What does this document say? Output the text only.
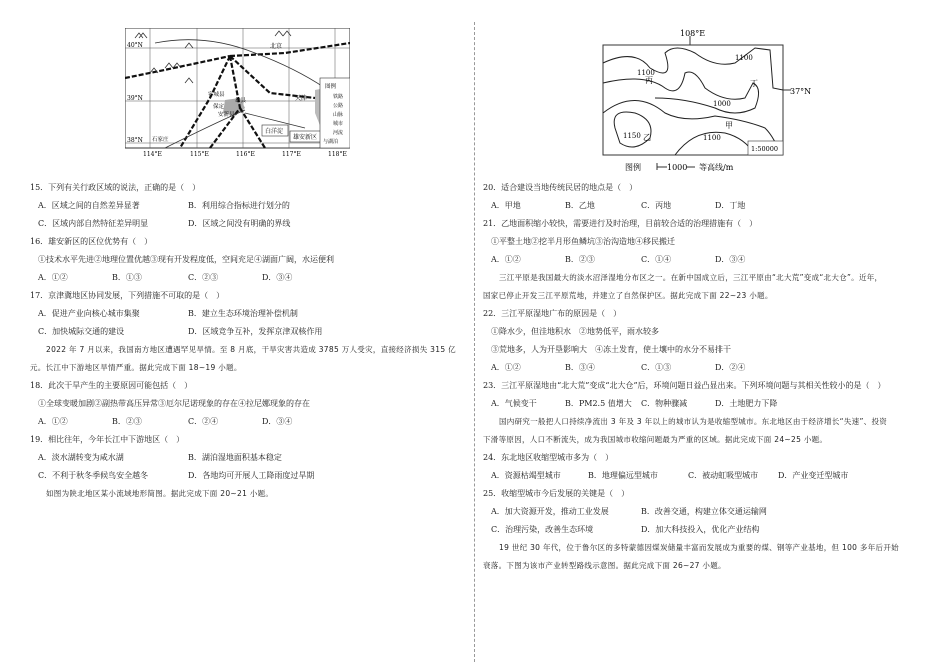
40°N
39°N
38°N
114°E	115°E	116°E	117°E	118°E
北京
天津
容城县
雄县
保定
安新县
石家庄
白洋淀
雄安新区
图例
铁路
公路
山脉
城市
河流
与湖泊
108°E
37°N
1100
1100
1000
1150	1100
甲
乙
丙	丁
1:50000
图例	1000 等高线/m
15．下列有关行政区域的说法，正确的是（　）
A．区域之间的自然差异显著	B．利用综合指标进行划分的
C．区域内部自然特征差异明显	D．区域之间没有明确的界线
16．雄安新区的区位优势有（　）
①技术水平先进②地理位置优越③现有开发程度低，空间充足④湖面广阔，水运便利
A．①②	B．①③	C．②③	D．③④
17．京津冀地区协同发展，下列措施不可取的是（　）
A．促进产业向核心城市集聚	B．建立生态环境治理补偿机制
C．加快城际交通的建设	D．区域竞争互补，发挥京津双核作用
2022 年 7 月以来，我国南方地区遭遇罕见旱情。至 8 月底，干旱灾害共造成 3785 万人受灾，直接经济损失 315 亿
元。长江中下游地区旱情严重。据此完成下面 18~19 小题。
18．此次干旱产生的主要原因可能包括（　）
①全球变暖加剧②副热带高压异常③厄尔尼诺现象的存在④拉尼娜现象的存在
A．①②	B．②③	C．②④	D．③④
19．相比往年，今年长江中下游地区（　）
A．淡水湖转变为咸水湖	B．湖泊湿地面积基本稳定
C．不利于秋冬季候鸟安全越冬	D．各地均可开展人工降雨度过旱期
如图为陕北地区某小流域地形简图。据此完成下面 20~21 小题。
20．适合建设当地传统民居的地点是（　）
A．甲地	B．乙地	C．丙地	D．丁地
21．乙地面积缩小较快，需要进行及时治理，目前较合适的治理措施有（　）
①平整土地②挖半月形鱼鳞坑③治沟造地④移民搬迁
A．①②	B．②③	C．①④	D．③④
三江平原是我国最大的淡水沼泽湿地分布区之一。在新中国成立后，三江平原由“北大荒”变成“北大仓”。近年，
国家已停止开发三江平原荒地，并建立了自然保护区。据此完成下面 22~23 小题。
22．三江平原湿地广布的原因是（　）
①降水少，但洼地积水　②地势低平，雨水较多
③荒地多，人为开垦影响大　④冻土发育，使土壤中的水分不易排干
A．①②	B．③④	C．①③	D．②④
23．三江平原湿地由“北大荒”变成“北大仓”后，环境问题日益凸显出来。下列环境问题与其相关性较小的是（　）
A．气候变干	B．PM2.5 值增大 C．物种骤减	D．土地肥力下降
国内研究一般把人口持续净流出 3 年及 3 年以上的城市认为是收缩型城市。东北地区由于经济增长“失速”、投资
下滑等原因，人口不断流失，成为我国城市收缩问题最为严重的区域。据此完成下面 24~25 小题。
24．东北地区收缩型城市多为（　）
A．资源枯竭型城市	B．地理偏远型城市	C．被动虹吸型城市 D．产业变迁型城市
25．收缩型城市今后发展的关键是（　）
A．加大资源开发，推动工业发展	B．改善交通，构建立体交通运输网
C．治理污染，改善生态环境	D．加大科技投入，优化产业结构
19 世纪 30 年代，位于鲁尔区的多特蒙德因煤炭储量丰富而发展成为重要的煤、钢等产业基地，但 100 多年后开始
衰落。下图为该市产业转型路线示意图。据此完成下面 26~27 小题。
